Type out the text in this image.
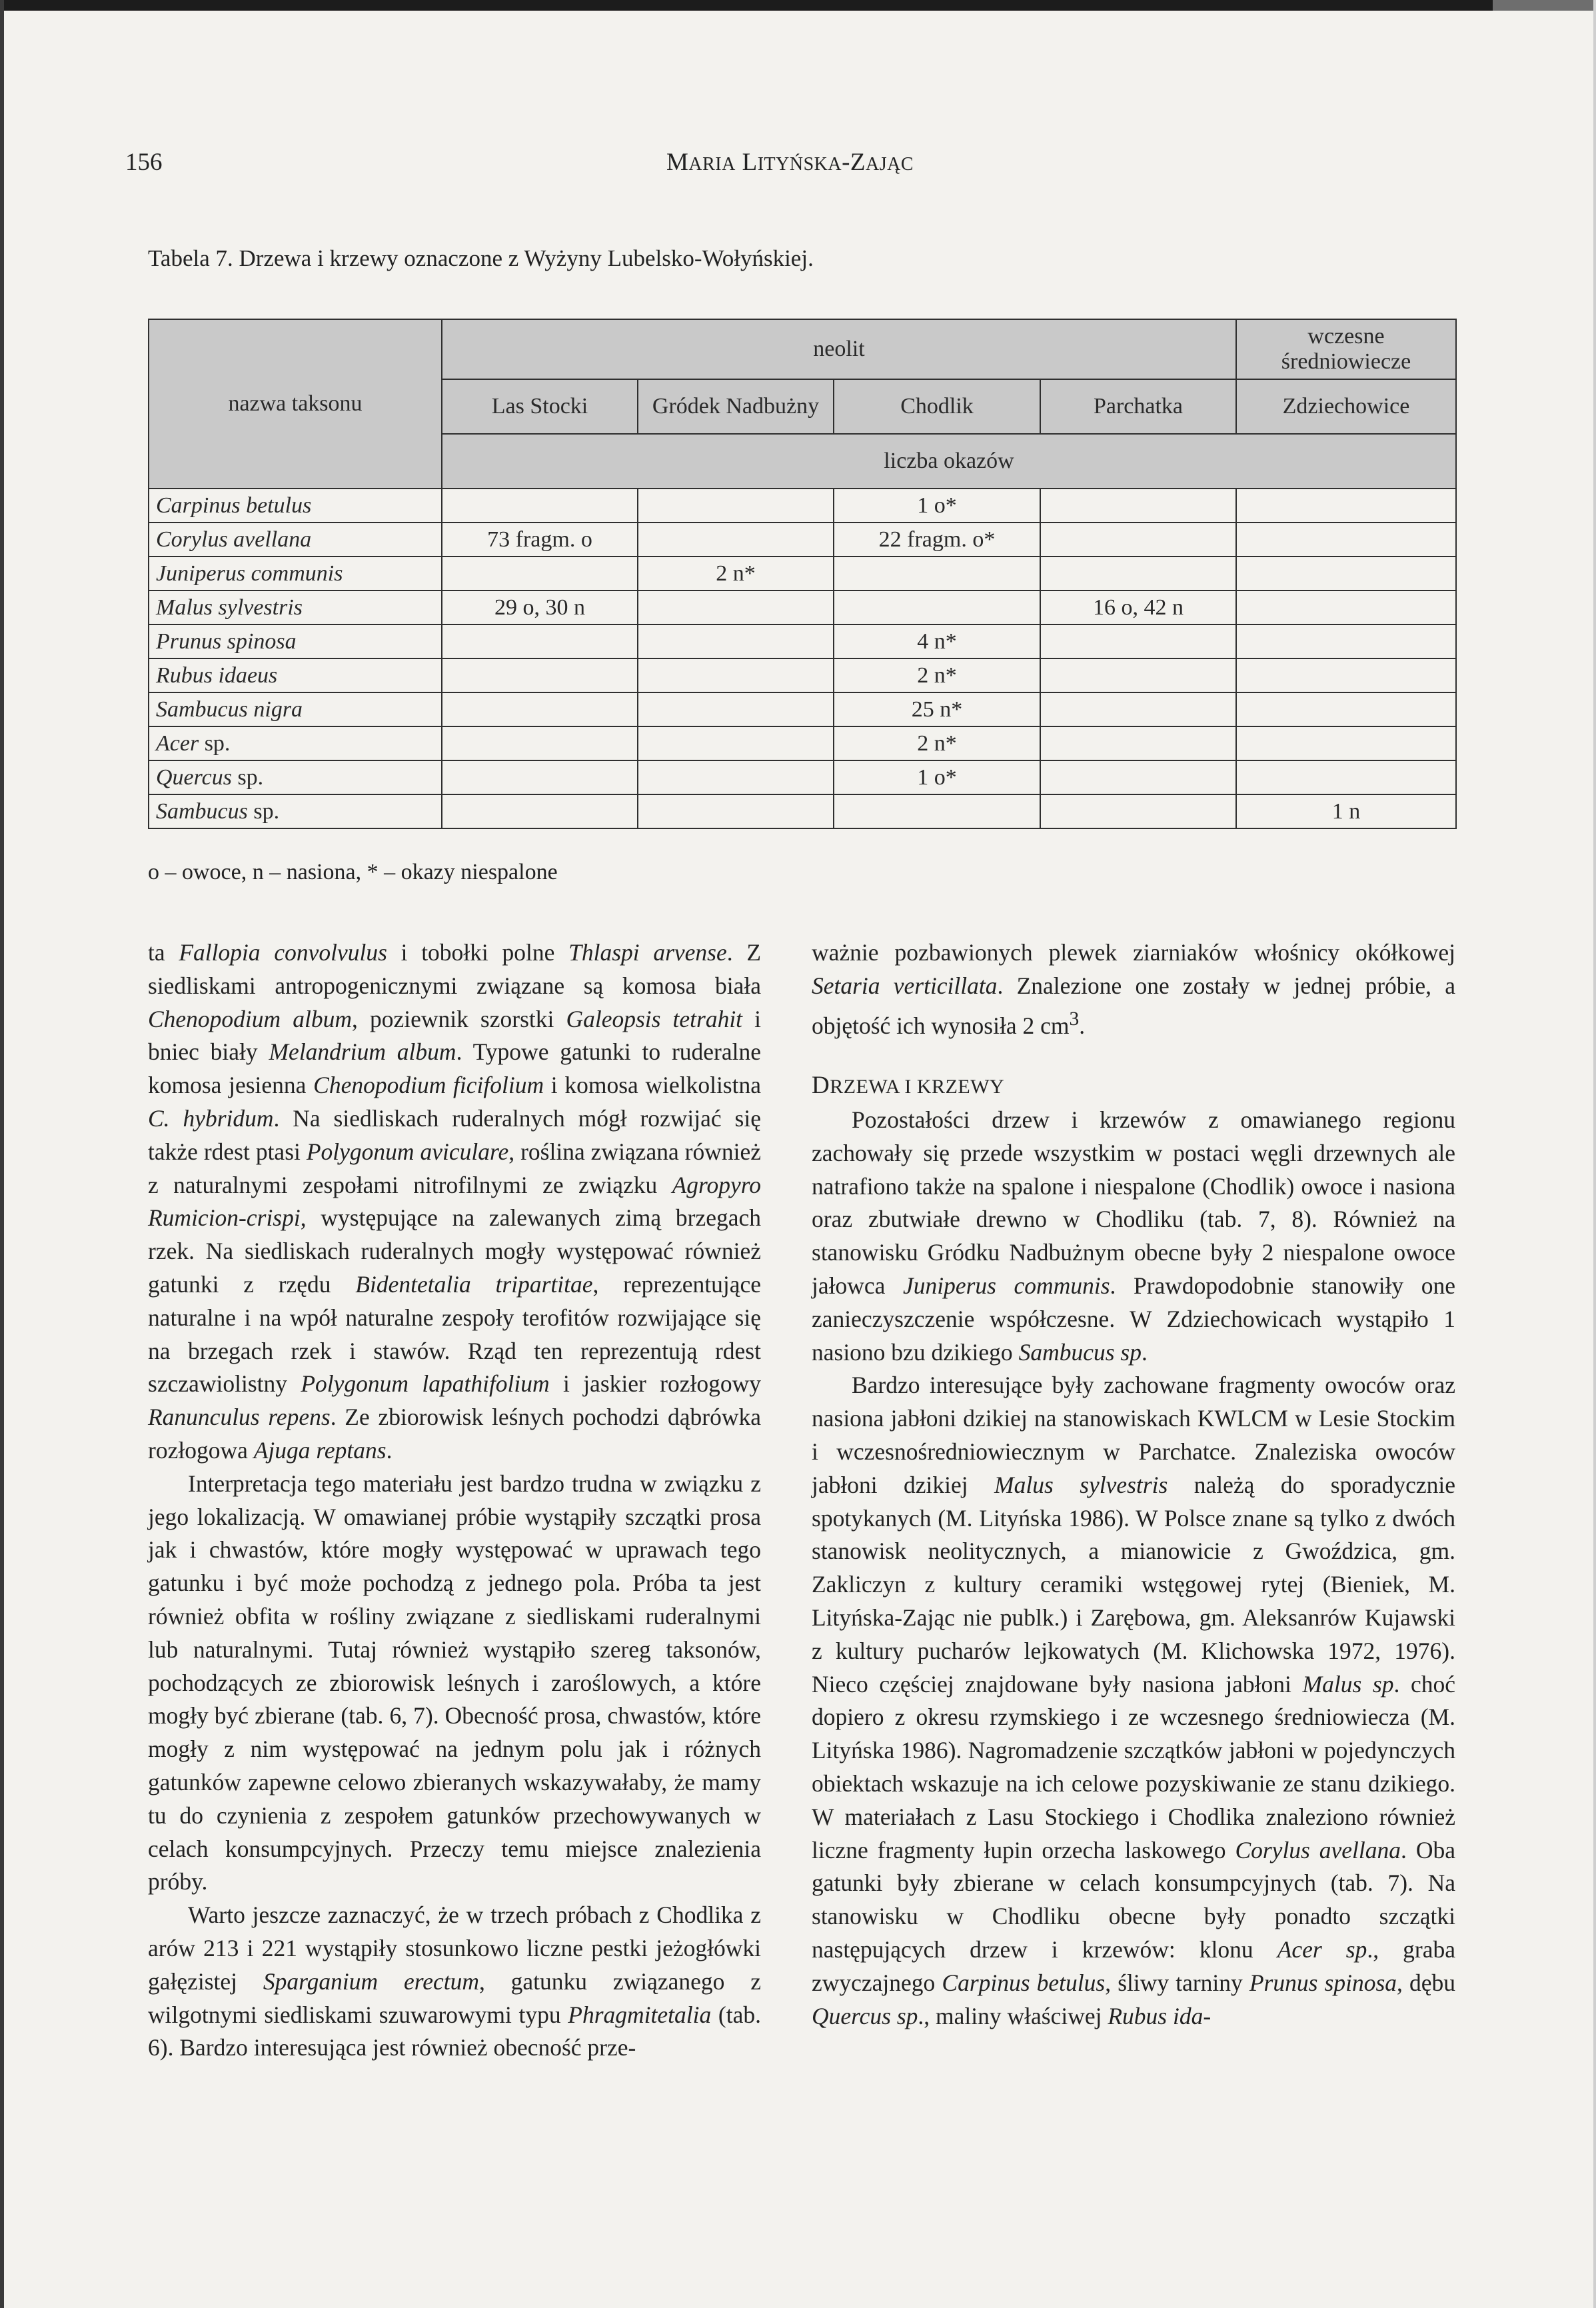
156	MARIA LITYŃSKA-ZAJĄC
Tabela 7. Drzewa i krzewy oznaczone z Wyżyny Lubelsko-Wołyńskiej.
nazwa taksonu	neolit				wczesne średniowiecze
	Las Stocki	Gródek Nadbużny	Chodlik	Parchatka	Zdziechowice
	liczba okazów				
Carpinus betulus			1 o*		
Corylus avellana	73 fragm. o		22 fragm. o*		
Juniperus communis		2 n*			
Malus sylvestris	29 o, 30 n			16 o, 42 n	
Prunus spinosa			4 n*		
Rubus idaeus			2 n*		
Sambucus nigra			25 n*		
Acer sp.			2 n*		
Quercus sp.			1 o*		
Sambucus sp.					1 n
o – owoce, n – nasiona, * – okazy niespalone

ta Fallopia convolvulus i tobołki polne Thlaspi arvense. Z siedliskami antropogenicznymi związane są komosa biała Chenopodium album, poziewnik szorstki Galeopsis tetrahit i bniec biały Melandrium album. Typowe gatunki to ruderalne komosa jesienna Chenopodium ficifolium i komosa wielkolistna C. hybridum. Na siedliskach ruderalnych mógł rozwijać się także rdest ptasi Polygonum aviculare, roślina związana również z naturalnymi zespołami nitrofilnymi ze związku Agropyro Rumicion-crispi, występujące na zalewanych zimą brzegach rzek. Na siedliskach ruderalnych mogły występować również gatunki z rzędu Bidentetalia tripartitae, reprezentujące naturalne i na wpół naturalne zespoły terofitów rozwijające się na brzegach rzek i stawów. Rząd ten reprezentują rdest szczawiolistny Polygonum lapathifolium i jaskier rozłogowy Ranunculus repens. Ze zbiorowisk leśnych pochodzi dąbrówka rozłogowa Ajuga reptans.

Interpretacja tego materiału jest bardzo trudna w związku z jego lokalizacją. W omawianej próbie wystąpiły szczątki prosa jak i chwastów, które mogły występować w uprawach tego gatunku i być może pochodzą z jednego pola. Próba ta jest również obfita w rośliny związane z siedliskami ruderalnymi lub naturalnymi. Tutaj również wystąpiło szereg taksonów, pochodzących ze zbiorowisk leśnych i zaroślowych, a które mogły być zbierane (tab. 6, 7). Obecność prosa, chwastów, które mogły z nim występować na jednym polu jak i różnych gatunków zapewne celowo zbieranych wskazywałaby, że mamy tu do czynienia z zespołem gatunków przechowywanych w celach konsumpcyjnych. Przeczy temu miejsce znalezienia próby.

Warto jeszcze zaznaczyć, że w trzech próbach z Chodlika z arów 213 i 221 wystąpiły stosunkowo liczne pestki jeżogłówki gałęzistej Sparganium erectum, gatunku związanego z wilgotnymi siedliskami szuwarowymi typu Phragmitetalia (tab. 6). Bardzo interesująca jest również obecność prze-

ważnie pozbawionych plewek ziarniaków włośnicy okółkowej Setaria verticillata. Znalezione one zostały w jednej próbie, a objętość ich wynosiła 2 $cm^3$.

DRZEWA I KRZEWY

Pozostałości drzew i krzewów z omawianego regionu zachowały się przede wszystkim w postaci węgli drzewnych ale natrafiono także na spalone i niespalone (Chodlik) owoce i nasiona oraz zbutwiałe drewno w Chodliku (tab. 7, 8). Również na stanowisku Gródku Nadbużnym obecne były 2 niespalone owoce jałowca Juniperus communis. Prawdopodobnie stanowiły one zanieczyszczenie współczesne. W Zdziechowicach wystąpiło 1 nasiono bzu dzikiego Sambucus sp.

Bardzo interesujące były zachowane fragmenty owoców oraz nasiona jabłoni dzikiej na stanowiskach KWLCM w Lesie Stockim i wczesnośredniowiecznym w Parchatce. Znaleziska owoców jabłoni dzikiej Malus sylvestris należą do sporadycznie spotykanych (M. Lityńska 1986). W Polsce znane są tylko z dwóch stanowisk neolitycznych, a mianowicie z Gwoździca, gm. Zakliczyn z kultury ceramiki wstęgowej rytej (Bieniek, M. Lityńska-Zając nie publk.) i Zarębowa, gm. Aleksanrów Kujawski z kultury pucharów lejkowatych (M. Klichowska 1972, 1976). Nieco częściej znajdowane były nasiona jabłoni Malus sp. choć dopiero z okresu rzymskiego i ze wczesnego średniowiecza (M. Lityńska 1986). Nagromadzenie szczątków jabłoni w pojedynczych obiektach wskazuje na ich celowe pozyskiwanie ze stanu dzikiego. W materiałach z Lasu Stockiego i Chodlika znaleziono również liczne fragmenty łupin orzecha laskowego Corylus avellana. Oba gatunki były zbierane w celach konsumpcyjnych (tab. 7). Na stanowisku w Chodliku obecne były ponadto szczątki następujących drzew i krzewów: klonu Acer sp., graba zwyczajnego Carpinus betulus, śliwy tarniny Prunus spinosa, dębu Quercus sp., maliny właściwej Rubus ida-
